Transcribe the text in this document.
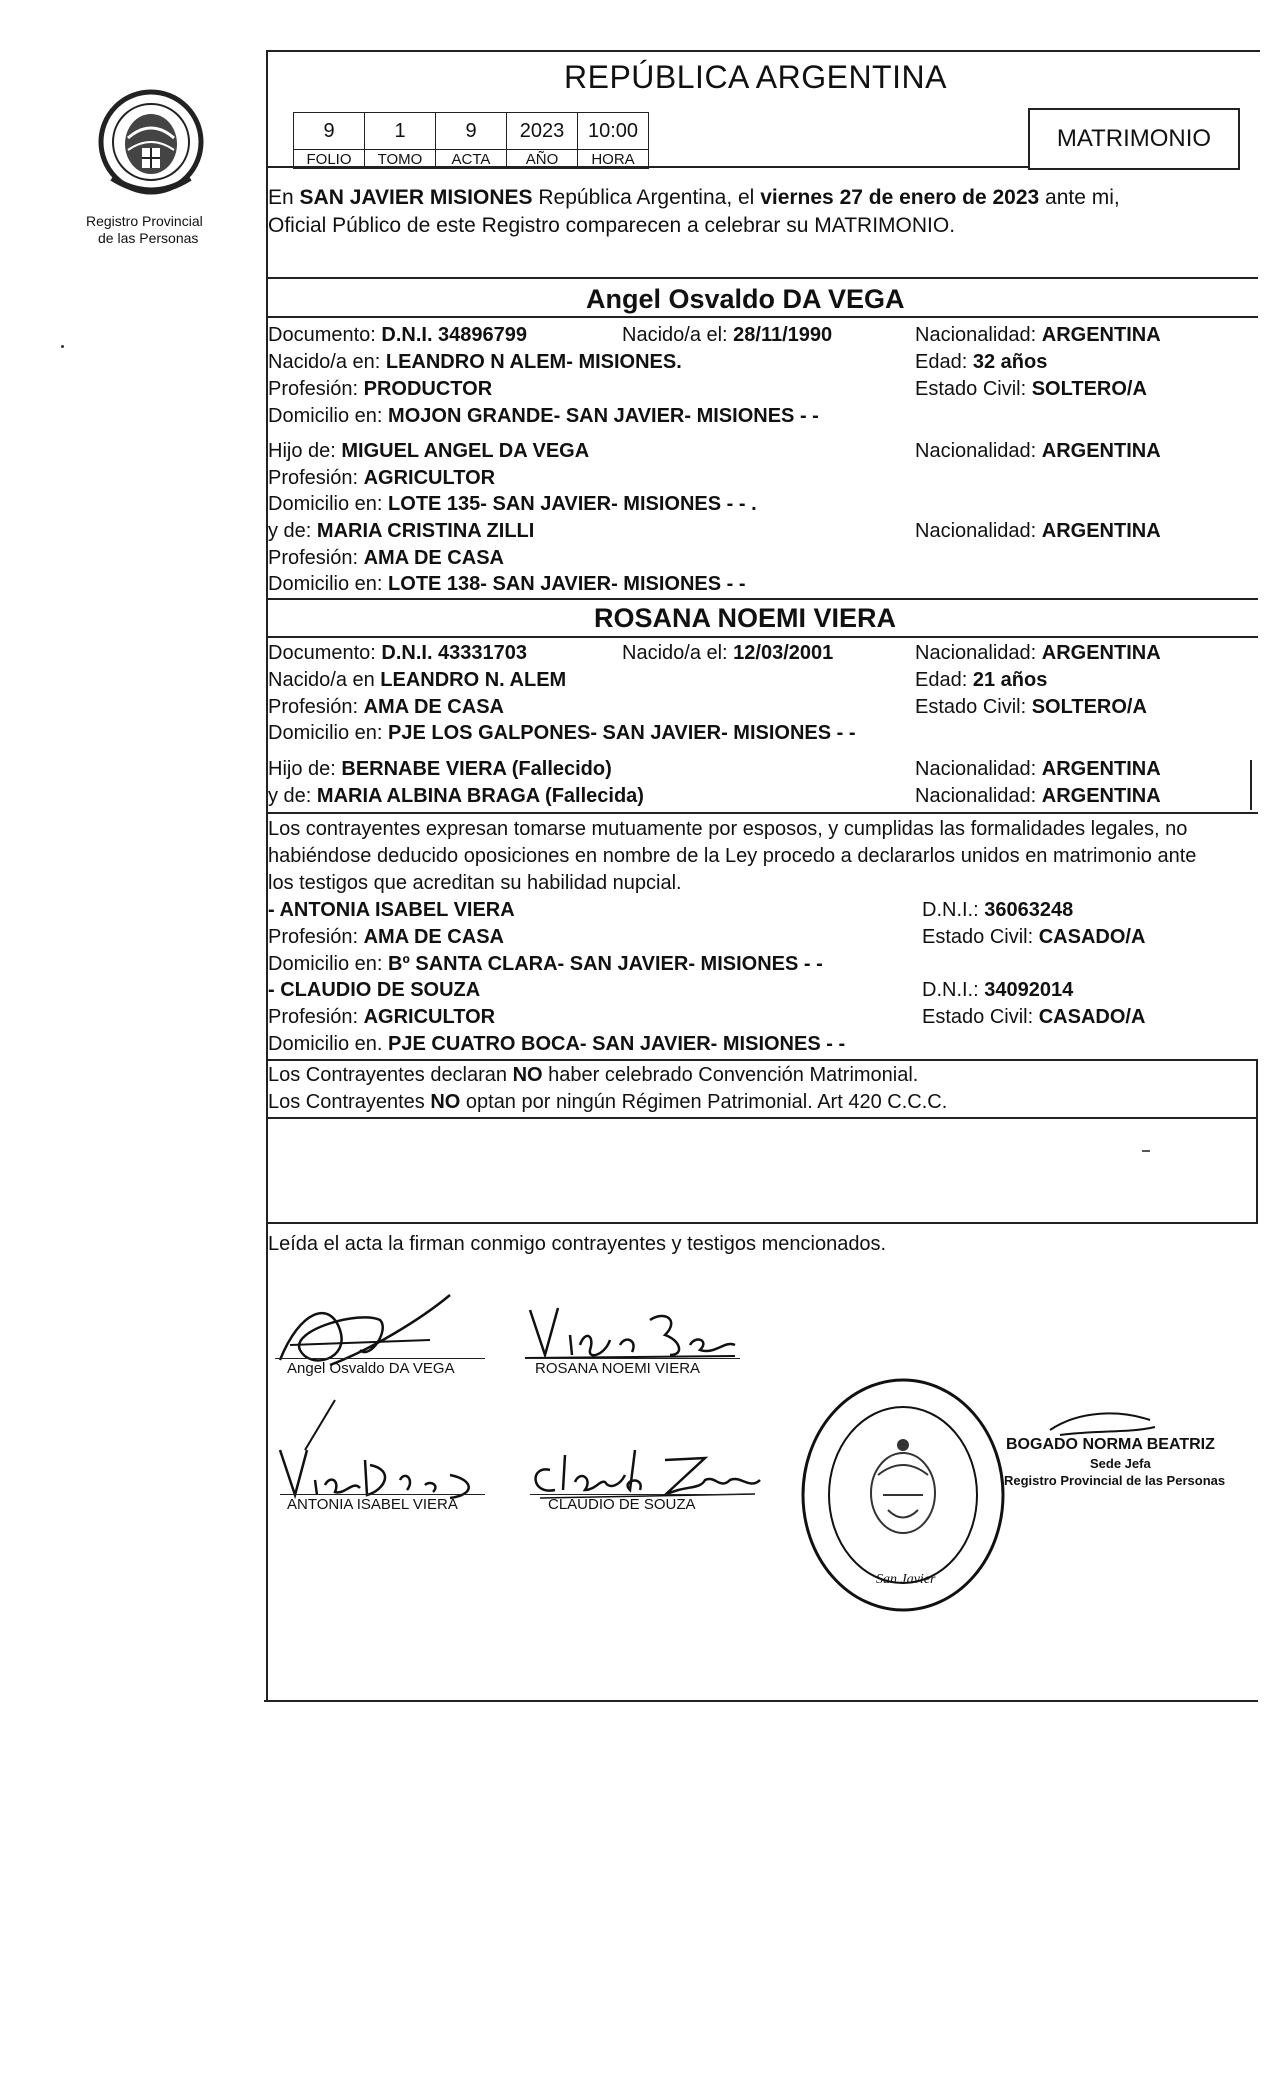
Registro Provincial
de las Personas
REPÚBLICA ARGENTINA
MATRIMONIO
9	1	9	2023	10:00
FOLIO	TOMO	ACTA	AÑO	HORA
En SAN JAVIER MISIONES República Argentina, el viernes 27 de enero de 2023 ante mi,
Oficial Público de este Registro comparecen a celebrar su MATRIMONIO.
Angel Osvaldo DA VEGA
Documento: D.N.I. 34896799	Nacido/a el: 28/11/1990	Nacionalidad: ARGENTINA
Nacido/a en: LEANDRO N ALEM- MISIONES.	Edad: 32 años
Profesión: PRODUCTOR	Estado Civil: SOLTERO/A
Domicilio en: MOJON GRANDE- SAN JAVIER- MISIONES - -
Hijo de: MIGUEL ANGEL DA VEGA	Nacionalidad: ARGENTINA
Profesión: AGRICULTOR
Domicilio en: LOTE 135- SAN JAVIER- MISIONES - - .
y de: MARIA CRISTINA ZILLI	Nacionalidad: ARGENTINA
Profesión: AMA DE CASA
Domicilio en: LOTE 138- SAN JAVIER- MISIONES - -
ROSANA NOEMI VIERA
Documento: D.N.I. 43331703	Nacido/a el: 12/03/2001	Nacionalidad: ARGENTINA
Nacido/a en LEANDRO N. ALEM	Edad: 21 años
Profesión: AMA DE CASA	Estado Civil: SOLTERO/A
Domicilio en: PJE LOS GALPONES- SAN JAVIER- MISIONES - -
Hijo de: BERNABE VIERA (Fallecido)	Nacionalidad: ARGENTINA
y de: MARIA ALBINA BRAGA (Fallecida)	Nacionalidad: ARGENTINA
Los contrayentes expresan tomarse mutuamente por esposos, y cumplidas las formalidades legales, no
habiéndose deducido oposiciones en nombre de la Ley procedo a declararlos unidos en matrimonio ante
los testigos que acreditan su habilidad nupcial.
- ANTONIA ISABEL VIERA	D.N.I.: 36063248
Profesión: AMA DE CASA	Estado Civil: CASADO/A
Domicilio en: Bº SANTA CLARA- SAN JAVIER- MISIONES - -
- CLAUDIO DE SOUZA	D.N.I.: 34092014
Profesión: AGRICULTOR	Estado Civil: CASADO/A
Domicilio en. PJE CUATRO BOCA- SAN JAVIER- MISIONES - -
Los Contrayentes declaran NO haber celebrado Convención Matrimonial.
Los Contrayentes NO optan por ningún Régimen Patrimonial. Art 420 C.C.C.
Leída el acta la firman conmigo contrayentes y testigos mencionados.
Angel Osvaldo DA VEGA	ROSANA NOEMI VIERA
ANTONIA ISABEL VIERA	CLAUDIO DE SOUZA
San Javier
BOGADO NORMA BEATRIZ
Sede Jefa
Registro Provincial de las Personas
